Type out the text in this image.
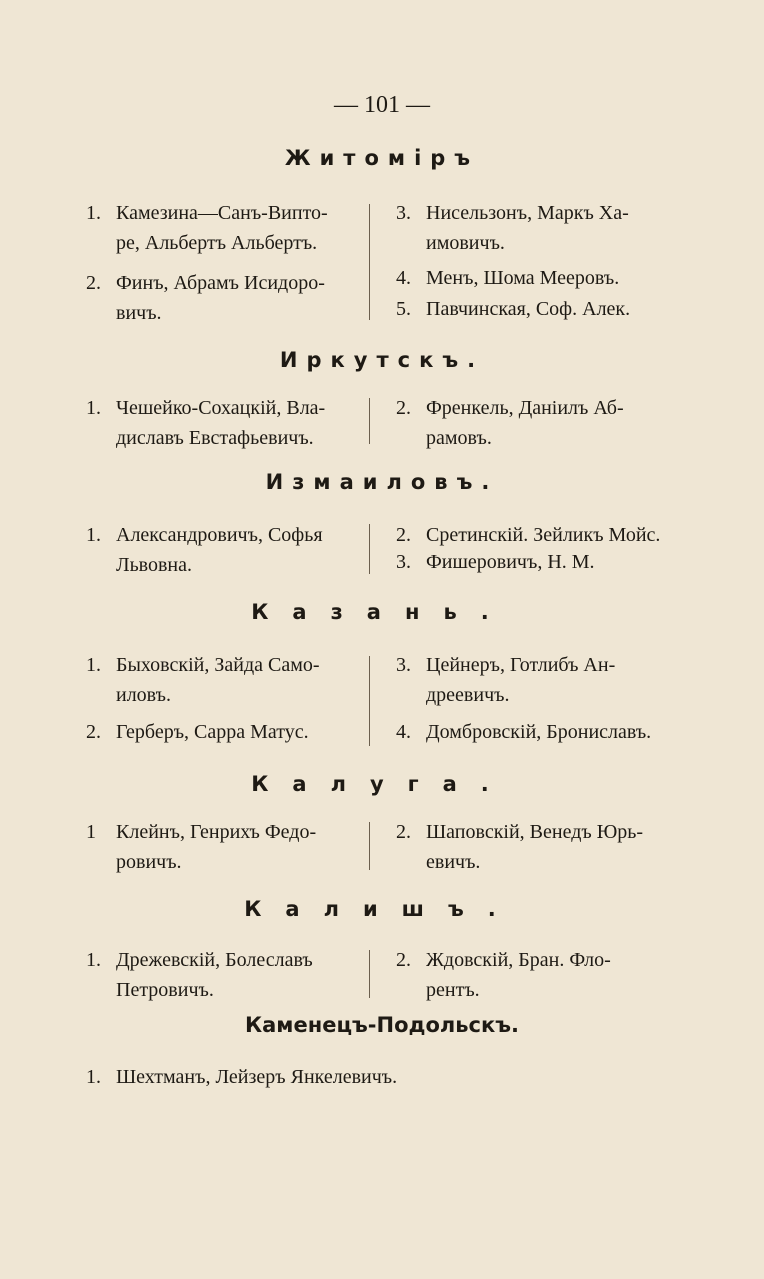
— 101 —
Житоміръ
1. Камезина—Санъ-Випто-
ре, Альбертъ Альбертъ.
2. Финъ, Абрамъ Исидоро-
вичъ.
3. Нисельзонъ, Маркъ Ха-
имовичъ.
4. Менъ, Шома Мееровъ.
5. Павчинская, Соф. Алек.
Иркутскъ.
1. Чешейко-Сохацкій, Вла-
диславъ Евстафьевичъ.
2. Френкель, Даніилъ Аб-
рамовъ.
Измаиловъ.
1. Александровичъ, Софья
Львовна.
2. Сретинскій. Зейликъ Мойс.
3. Фишеровичъ, Н. М.
Казань.
1. Быховскій, Зайда Само-
иловъ.
2. Герберъ, Сарра Матус.
3. Цейнеръ, Готлибъ Ан-
дреевичъ.
4. Домбровскій, Брониславъ.
Калуга.
1 Клейнъ, Генрихъ Федо-
ровичъ.
2. Шаповскій, Венедъ Юрь-
евичъ.
Калишъ.
1. Дрежевскій, Болеславъ
Петровичъ.
2. Ждовскій, Бран. Фло-
рентъ.
Каменецъ-Подольскъ.
1. Шехтманъ, Лейзеръ Янкелевичъ.
